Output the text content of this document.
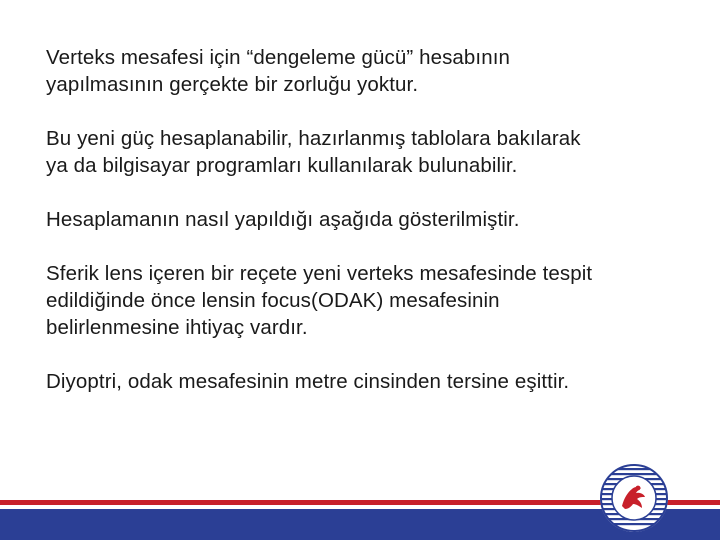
Verteks mesafesi için “dengeleme gücü” hesabının
yapılmasının gerçekte bir zorluğu yoktur.

Bu yeni güç hesaplanabilir, hazırlanmış tablolara bakılarak
ya da bilgisayar programları kullanılarak bulunabilir.

Hesaplamanın nasıl yapıldığı aşağıda gösterilmiştir.

Sferik lens içeren bir reçete yeni verteks mesafesinde tespit
edildiğinde önce lensin focus(ODAK) mesafesinin
belirlenmesine ihtiyaç vardır.

Diyoptri, odak mesafesinin metre cinsinden tersine eşittir.
